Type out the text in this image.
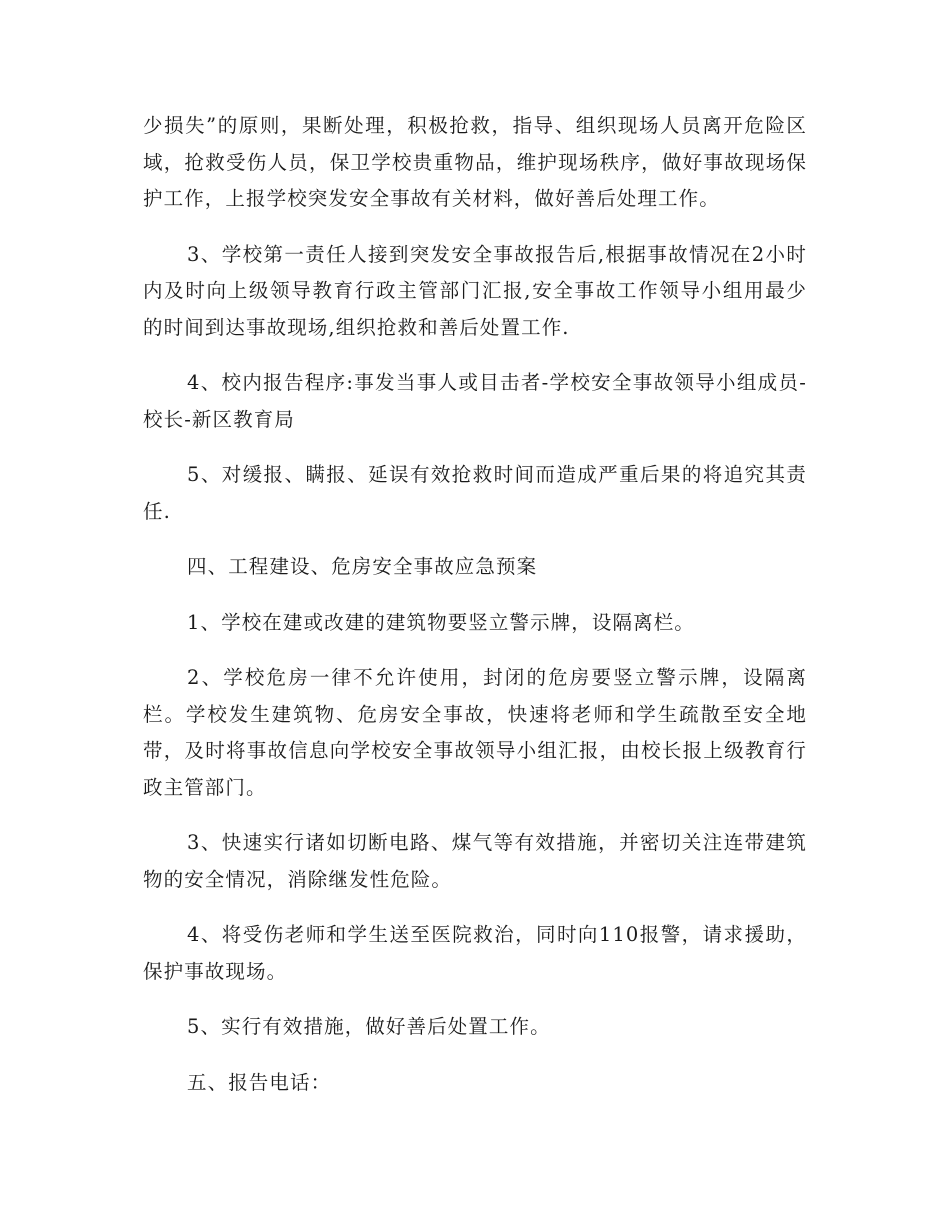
少损失”的原则，果断处理，积极抢救，指导、组织现场人员离开危险区域，抢救受伤人员，保卫学校贵重物品，维护现场秩序，做好事故现场保护工作，上报学校突发安全事故有关材料，做好善后处理工作。

3、学校第一责任人接到突发安全事故报告后,根据事故情况在2小时内及时向上级领导教育行政主管部门汇报,安全事故工作领导小组用最少的时间到达事故现场,组织抢救和善后处置工作.

4、校内报告程序:事发当事人或目击者-学校安全事故领导小组成员-校长-新区教育局

5、对缓报、瞒报、延误有效抢救时间而造成严重后果的将追究其责任.

四、工程建设、危房安全事故应急预案

1、学校在建或改建的建筑物要竖立警示牌，设隔离栏。

2、学校危房一律不允许使用，封闭的危房要竖立警示牌，设隔离栏。学校发生建筑物、危房安全事故，快速将老师和学生疏散至安全地带，及时将事故信息向学校安全事故领导小组汇报，由校长报上级教育行政主管部门。

3、快速实行诸如切断电路、煤气等有效措施，并密切关注连带建筑物的安全情况，消除继发性危险。

4、将受伤老师和学生送至医院救治，同时向110报警，请求援助，保护事故现场。

5、实行有效措施，做好善后处置工作。

五、报告电话：
